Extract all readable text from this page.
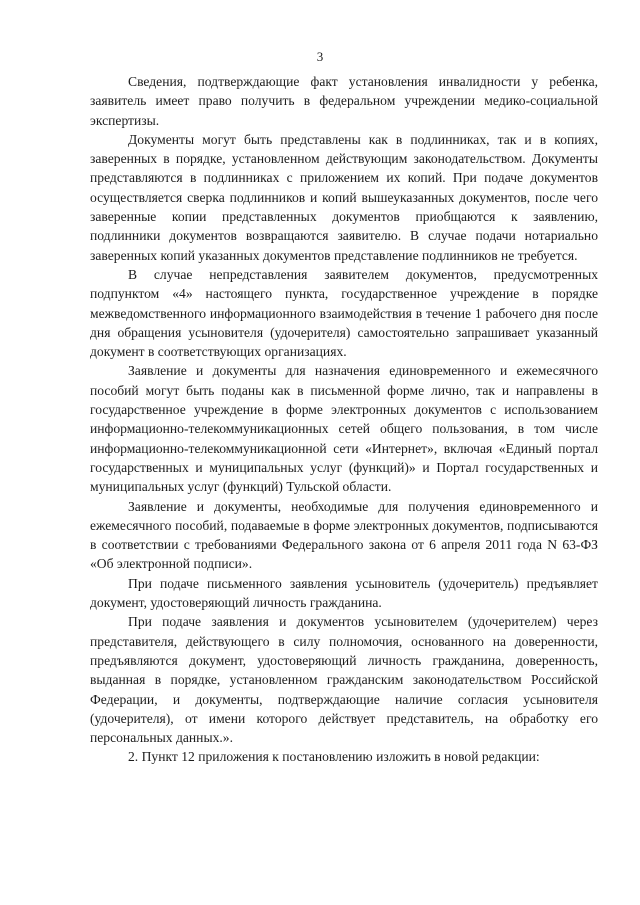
3

Сведения, подтверждающие факт установления инвалидности у ребенка, заявитель имеет право получить в федеральном учреждении медико-социальной экспертизы.

Документы могут быть представлены как в подлинниках, так и в копиях, заверенных в порядке, установленном действующим законодательством. Документы представляются в подлинниках с приложением их копий. При подаче документов осуществляется сверка подлинников и копий вышеуказанных документов, после чего заверенные копии представленных документов приобщаются к заявлению, подлинники документов возвращаются заявителю. В случае подачи нотариально заверенных копий указанных документов представление подлинников не требуется.

В случае непредставления заявителем документов, предусмотренных подпунктом «4» настоящего пункта, государственное учреждение в порядке межведомственного информационного взаимодействия в течение 1 рабочего дня после дня обращения усыновителя (удочерителя) самостоятельно запрашивает указанный документ в соответствующих организациях.

Заявление и документы для назначения единовременного и ежемесячного пособий могут быть поданы как в письменной форме лично, так и направлены в государственное учреждение в форме электронных документов с использованием информационно-телекоммуникационных сетей общего пользования, в том числе информационно-телекоммуникационной сети «Интернет», включая «Единый портал государственных и муниципальных услуг (функций)» и Портал государственных и муниципальных услуг (функций) Тульской области.

Заявление и документы, необходимые для получения единовременного и ежемесячного пособий, подаваемые в форме электронных документов, подписываются в соответствии с требованиями Федерального закона от 6 апреля 2011 года N 63-ФЗ «Об электронной подписи».

При подаче письменного заявления усыновитель (удочеритель) предъявляет документ, удостоверяющий личность гражданина.

При подаче заявления и документов усыновителем (удочерителем) через представителя, действующего в силу полномочия, основанного на доверенности, предъявляются документ, удостоверяющий личность гражданина, доверенность, выданная в порядке, установленном гражданским законодательством Российской Федерации, и документы, подтверждающие наличие согласия усыновителя (удочерителя), от имени которого действует представитель, на обработку его персональных данных.».

2. Пункт 12 приложения к постановлению изложить в новой редакции:
